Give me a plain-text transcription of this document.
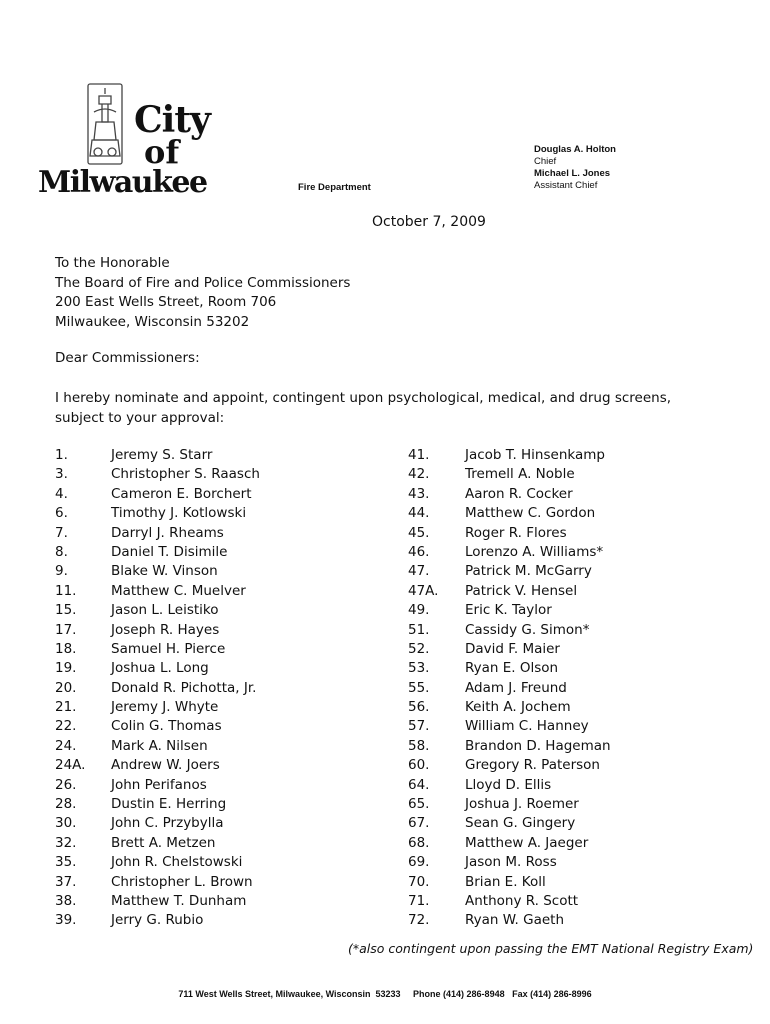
City
of
Milwaukee	Fire Department
Douglas A. Holton
Chief
Michael L. Jones
Assistant Chief
October 7, 2009
To the Honorable
The Board of Fire and Police Commissioners
200 East Wells Street, Room 706
Milwaukee, Wisconsin 53202
Dear Commissioners:
I hereby nominate and appoint, contingent upon psychological, medical, and drug screens, subject to your approval:
1.	Jeremy S. Starr
3.	Christopher S. Raasch
4.	Cameron E. Borchert
6.	Timothy J. Kotlowski
7.	Darryl J. Rheams
8.	Daniel T. Disimile
9.	Blake W. Vinson
11.	Matthew C. Muelver
15.	Jason L. Leistiko
17.	Joseph R. Hayes
18.	Samuel H. Pierce
19.	Joshua L. Long
20.	Donald R. Pichotta, Jr.
21.	Jeremy J. Whyte
22.	Colin G. Thomas
24.	Mark A. Nilsen
24A. Andrew W. Joers
26.	John Perifanos
28.	Dustin E. Herring
30.	John C. Przybylla
32.	Brett A. Metzen
35.	John R. Chelstowski
37.	Christopher L. Brown
38.	Matthew T. Dunham
39.	Jerry G. Rubio
41.	Jacob T. Hinsenkamp
42.	Tremell A. Noble
43.	Aaron R. Cocker
44.	Matthew C. Gordon
45.	Roger R. Flores
46.	Lorenzo A. Williams*
47.	Patrick M. McGarry
47A. Patrick V. Hensel
49.	Eric K. Taylor
51.	Cassidy G. Simon*
52.	David F. Maier
53.	Ryan E. Olson
55.	Adam J. Freund
56.	Keith A. Jochem
57.	William C. Hanney
58.	Brandon D. Hageman
60.	Gregory R. Paterson
64.	Lloyd D. Ellis
65.	Joshua J. Roemer
67.	Sean G. Gingery
68.	Matthew A. Jaeger
69.	Jason M. Ross
70.	Brian E. Koll
71.	Anthony R. Scott
72.	Ryan W. Gaeth
(*also contingent upon passing the EMT National Registry Exam)
711 West Wells Street, Milwaukee, Wisconsin  53233     Phone (414) 286-8948   Fax (414) 286-8996
